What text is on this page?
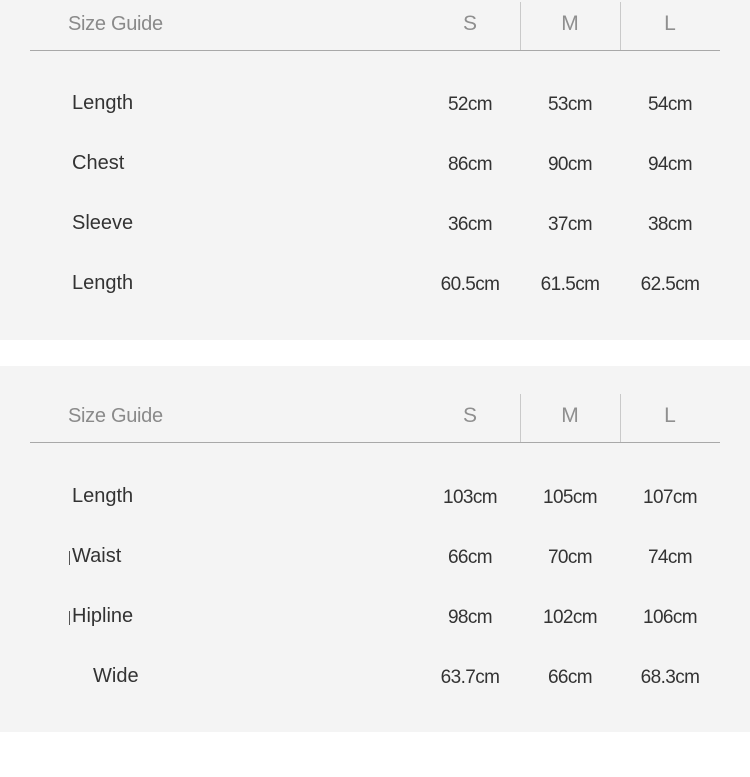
Size Guide	S	M	L
Length	52cm	53cm	54cm
Chest	86cm	90cm	94cm
Sleeve	36cm	37cm	38cm
Length	60.5cm	61.5cm	62.5cm
Size Guide	S	M	L
Length	103cm	105cm	107cm
Waist	66cm	70cm	74cm
Hipline	98cm	102cm	106cm
Wide	63.7cm	66cm	68.3cm
